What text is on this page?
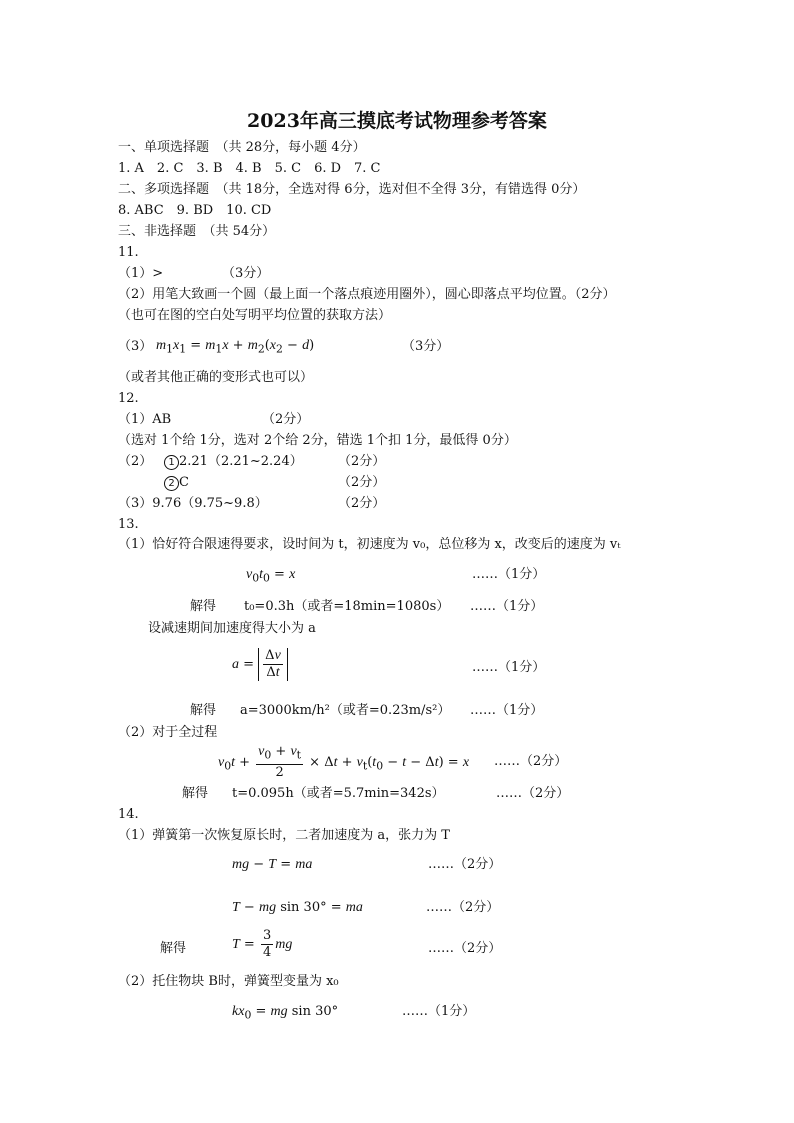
2023年高三摸底考试物理参考答案
一、单项选择题　（共 28分，每小题 4分）
1. A　2. C　3. B　4. B　5. C　6. D　7. C
二、多项选择题　（共 18分，全选对得 6分，选对但不全得 3分，有错选得 0分）
8. ABC　9. BD　10. CD
三、非选择题　（共 54分）
11.
（1）>	（3分）
（2）用笔大致画一个圆（最上面一个落点痕迹用圈外），圆心即落点平均位置。（2分）
（也可在图的空白处写明平均位置的获取方法）
（3） $m_1x_1 = m_1x + m_2(x_2 - d)$	（3分）
（或者其他正确的变形式也可以）
12.
（1）AB	（2分）
（选对 1个给 1分，选对 2个给 2分，错选 1个扣 1分，最低得 0分）
（2）	1 2.21（2.21~2.24）	（2分）
2 C	（2分）
（3）9.76（9.75~9.8）	（2分）
13.
（1）恰好符合限速得要求，设时间为 t，初速度为 v₀，总位移为 x，改变后的速度为 vₜ
$v_0t_0 = x$	……（1分）
解得 t₀=0.3h（或者=18min=1080s） ……（1分）
设减速期间加速度得大小为 a
$a = \frac{\Delta v}{\Delta t}$	……（1分）
解得 a=3000km/h²（或者=0.23m/s²） ……（1分）
（2）对于全过程
$v_0t + \frac{v_0 + v_t}{2} \times \Delta t + v_t(t_0 - t - \Delta t) = x$ ……（2分）
解得 t=0.095h（或者=5.7min=342s）	……（2分）
14.
（1）弹簧第一次恢复原长时，二者加速度为 a，张力为 T
mg − T = ma	……（2分）
T − mg sin 30° = ma	……（2分）
解得	$T = \frac{3}{4}$ mg	……（2分）
（2）托住物块 B时，弹簧型变量为 x₀
$kx_0$ = mg sin 30°	……（1分）
